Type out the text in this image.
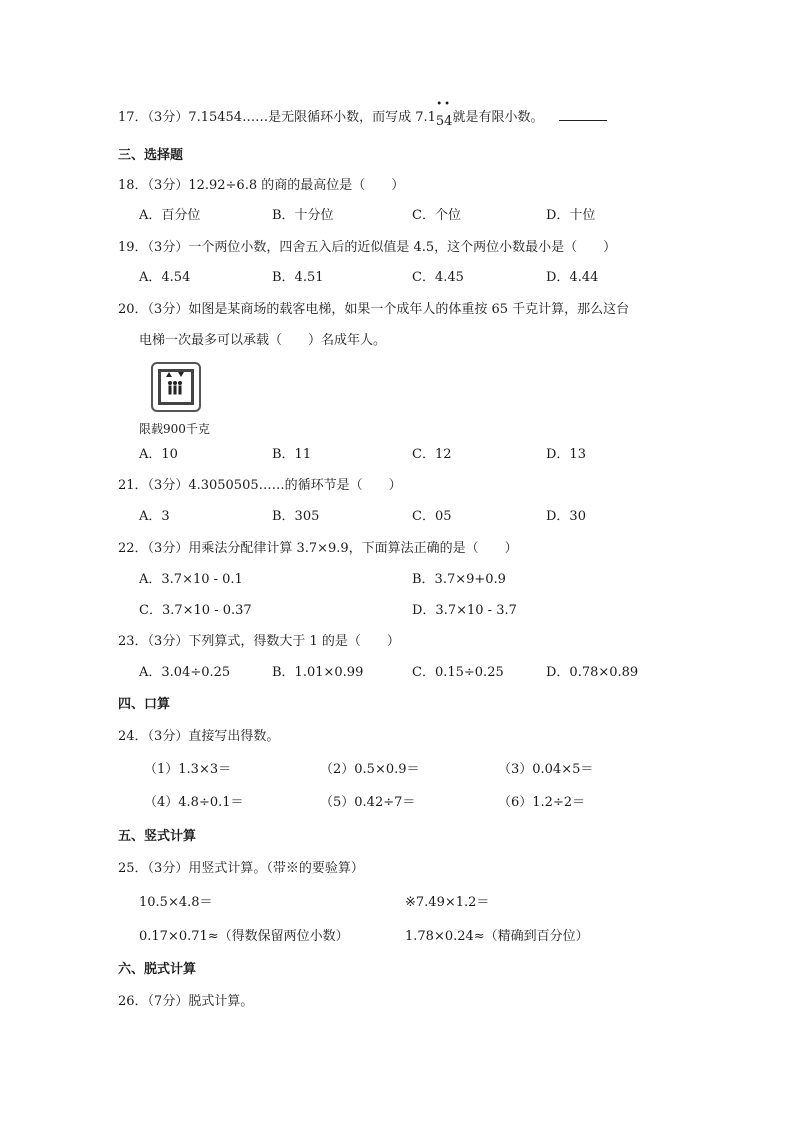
17．（3分）7.15454……是无限循环小数，而写成 7.1
••
54就是有限小数。
三、选择题
18．（3分）12.92÷6.8 的商的最高位是（　　）
A．百分位	B．十分位	C．个位	D．十位
19．（3分）一个两位小数，四舍五入后的近似值是 4.5，这个两位小数最小是（　　）
A．4.54	B．4.51	C．4.45	D．4.44
20．（3分）如图是某商场的载客电梯，如果一个成年人的体重按 65 千克计算，那么这台
电梯一次最多可以承载（　　）名成年人。
限载900千克
A．10	B．11	C．12	D．13
21．（3分）4.3050505……的循环节是（　　）
A．3	B．305	C．05	D．30
22．（3分）用乘法分配律计算 3.7×9.9，下面算法正确的是（　　）
A．3.7×10 - 0.1	B．3.7×9+0.9
C．3.7×10 - 0.37	D．3.7×10 - 3.7
23．（3分）下列算式，得数大于 1 的是（　　）
A．3.04÷0.25	B．1.01×0.99	C．0.15÷0.25	D．0.78×0.89
四、口算
24．（3分）直接写出得数。
（1）1.3×3＝	（2）0.5×0.9＝	（3）0.04×5＝
（4）4.8÷0.1＝	（5）0.42÷7＝	（6）1.2÷2＝
五、竖式计算
25．（3分）用竖式计算。（带※的要验算）
10.5×4.8＝	※7.49×1.2＝
0.17×0.71≈（得数保留两位小数）	1.78×0.24≈（精确到百分位）
六、脱式计算
26．（7分）脱式计算。
